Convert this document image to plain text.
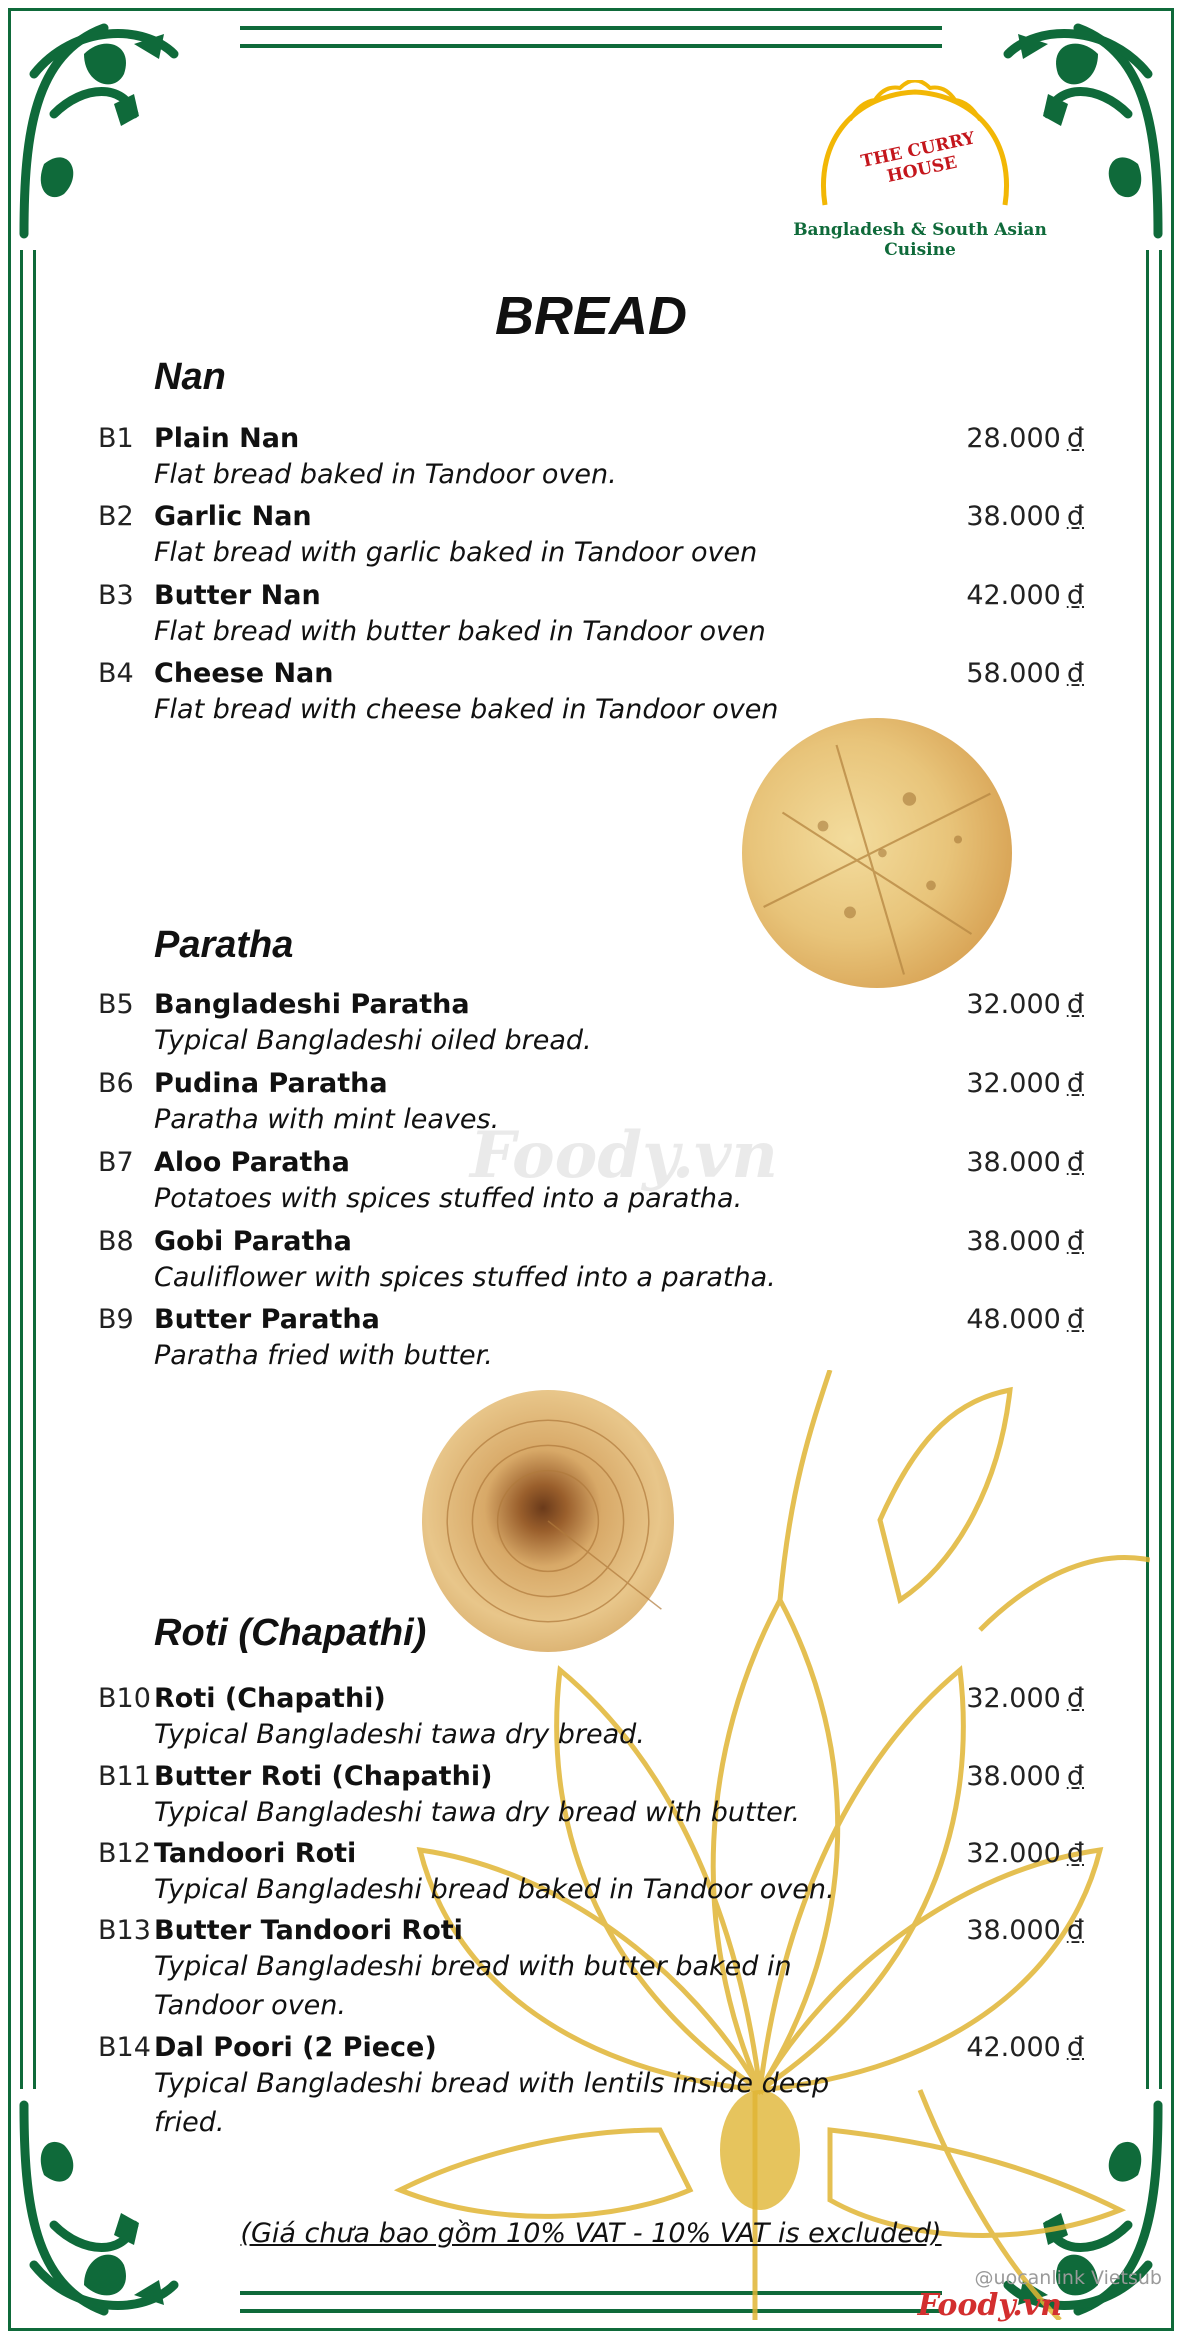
THE CURRY HOUSE
Bangladesh & South Asian Cuisine
BREAD
Nan
B1 Plain Nan	28.000 ₫
Flat bread baked in Tandoor oven.
B2 Garlic Nan	38.000 ₫
Flat bread with garlic baked in Tandoor oven
B3 Butter Nan	42.000 ₫
Flat bread with butter baked in Tandoor oven
B4 Cheese Nan	58.000 ₫
Flat bread with cheese baked in Tandoor oven
Paratha
B5 Bangladeshi Paratha	32.000 ₫
Typical Bangladeshi oiled bread.
B6 Pudina Paratha	32.000 ₫
Paratha with mint leaves.
B7 Aloo Paratha	38.000 ₫
Potatoes with spices stuffed into a paratha.
B8 Gobi Paratha	38.000 ₫
Cauliflower with spices stuffed into a paratha.
B9 Butter Paratha	48.000 ₫
Paratha fried with butter.
Roti (Chapathi)
B10 Roti (Chapathi)	32.000 ₫
Typical Bangladeshi tawa dry bread.
B11 Butter Roti (Chapathi)	38.000 ₫
Typical Bangladeshi tawa dry bread with butter.
B12 Tandoori Roti	32.000 ₫
Typical Bangladeshi bread baked in Tandoor oven.
B13 Butter Tandoori Roti	38.000 ₫
Typical Bangladeshi bread with butter baked in Tandoor oven.
B14 Dal Poori (2 Piece)	42.000 ₫
Typical Bangladeshi bread with lentils inside deep fried.
(Giá chưa bao gồm 10% VAT - 10% VAT is excluded)
Foody.vn
@uocanlink Vietsub
Foody.vn
